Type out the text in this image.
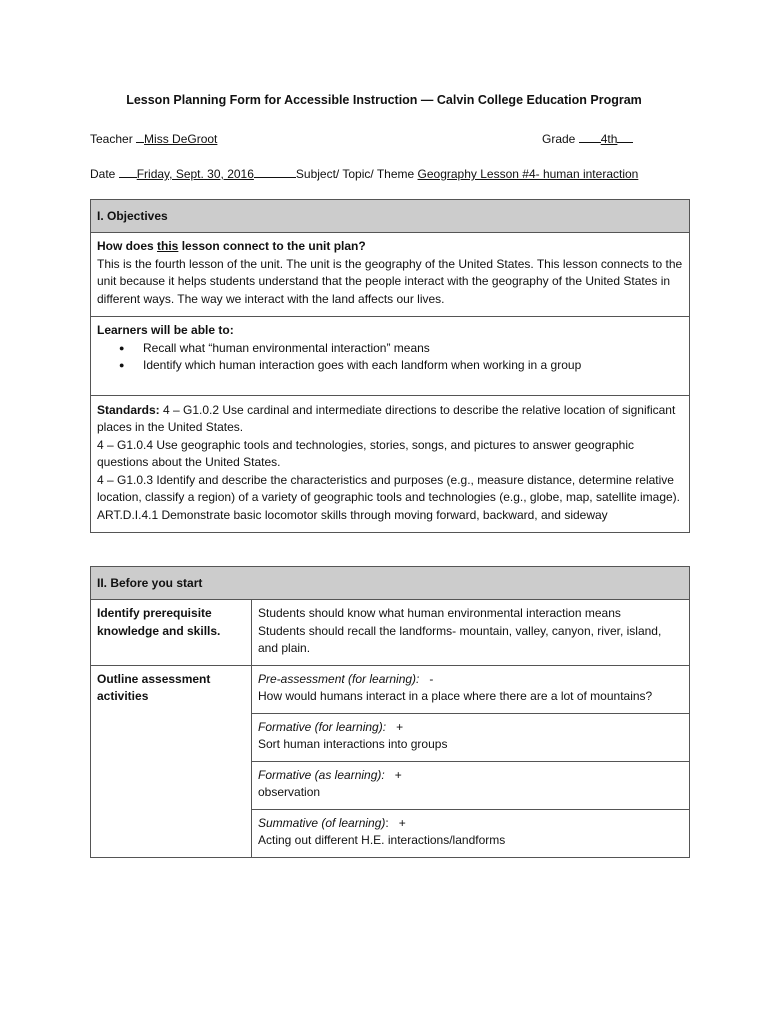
Lesson Planning Form for Accessible Instruction — Calvin College Education Program
Teacher Miss DeGroot	Grade 4th
Date Friday, Sept. 30, 2016	Subject/ Topic/ Theme Geography Lesson #4- human interaction
I. Objectives
How does this lesson connect to the unit plan?
This is the fourth lesson of the unit. The unit is the geography of the United States. This lesson connects to the unit because it helps students understand that the people interact with the geography of the United States in different ways. The way we interact with the land affects our lives.
Learners will be able to:
● Recall what “human environmental interaction” means
● Identify which human interaction goes with each landform when working in a group
Standards: 4 – G1.0.2 Use cardinal and intermediate directions to describe the relative location of significant places in the United States.
4 – G1.0.4 Use geographic tools and technologies, stories, songs, and pictures to answer geographic questions about the United States.
4 – G1.0.3 Identify and describe the characteristics and purposes (e.g., measure distance, determine relative location, classify a region) of a variety of geographic tools and technologies (e.g., globe, map, satellite image).
ART.D.I.4.1 Demonstrate basic locomotor skills through moving forward, backward, and sideway
II. Before you start
Identify prerequisite knowledge and skills.
Students should know what human environmental interaction means
Students should recall the landforms- mountain, valley, canyon, river, island, and plain.
Outline assessment activities
Pre-assessment (for learning): -
How would humans interact in a place where there are a lot of mountains?
Formative (for learning): +
Sort human interactions into groups
Formative (as learning): +
observation
Summative (of learning): +
Acting out different H.E. interactions/landforms
